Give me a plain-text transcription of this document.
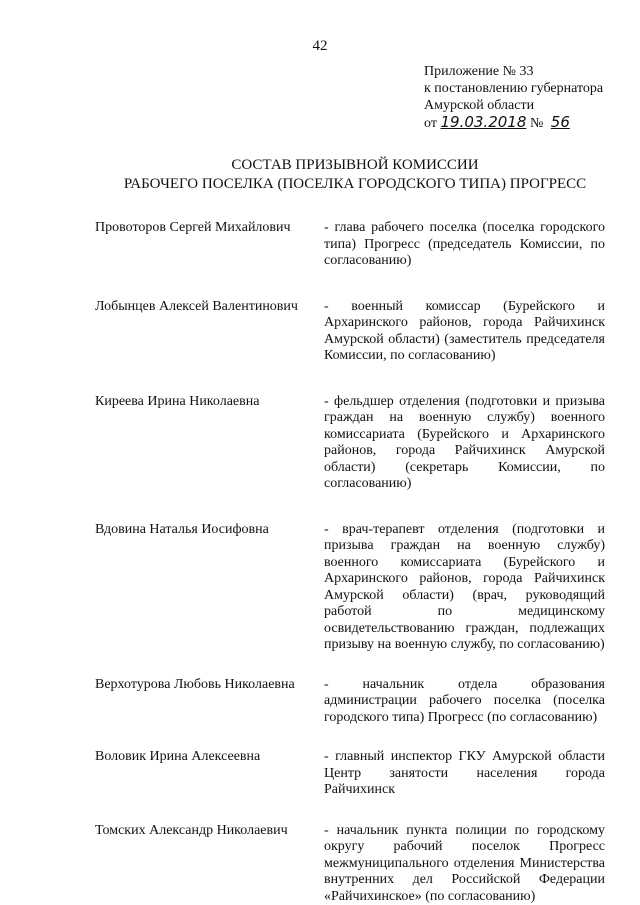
42
Приложение № 33
к постановлению губернатора
Амурской области
от 19.03.2018 № 56
СОСТАВ ПРИЗЫВНОЙ КОМИССИИ
РАБОЧЕГО ПОСЕЛКА (ПОСЕЛКА ГОРОДСКОГО ТИПА) ПРОГРЕСС
Провоторов Сергей Михайлович	- глава рабочего поселка (поселка городского типа) Прогресс (председатель Комиссии, по согласованию)
Лобынцев Алексей Валентинович	- военный комиссар (Бурейского и Архаринского районов, города Райчихинск Амурской области) (заместитель председателя Комиссии, по согласованию)
Киреева Ирина Николаевна	- фельдшер отделения (подготовки и призыва граждан на военную службу) военного комиссариата (Бурейского и Архаринского районов, города Райчихинск Амурской области) (секретарь Комиссии, по согласованию)
Вдовина Наталья Иосифовна	- врач-терапевт отделения (подготовки и призыва граждан на военную службу) военного комиссариата (Бурейского и Архаринского районов, города Райчихинск Амурской области) (врач, руководящий работой по медицинскому освидетельствованию граждан, подлежащих призыву на военную службу, по согласованию)
Верхотурова Любовь Николаевна	- начальник отдела образования администрации рабочего поселка (поселка городского типа) Прогресс (по согласованию)
Воловик Ирина Алексеевна	- главный инспектор ГКУ Амурской области Центр занятости населения города Райчихинск
Томских Александр Николаевич	- начальник пункта полиции по городскому округу рабочий поселок Прогресс межмуниципального отделения Министерства внутренних дел Российской Федерации «Райчихинское» (по согласованию)
